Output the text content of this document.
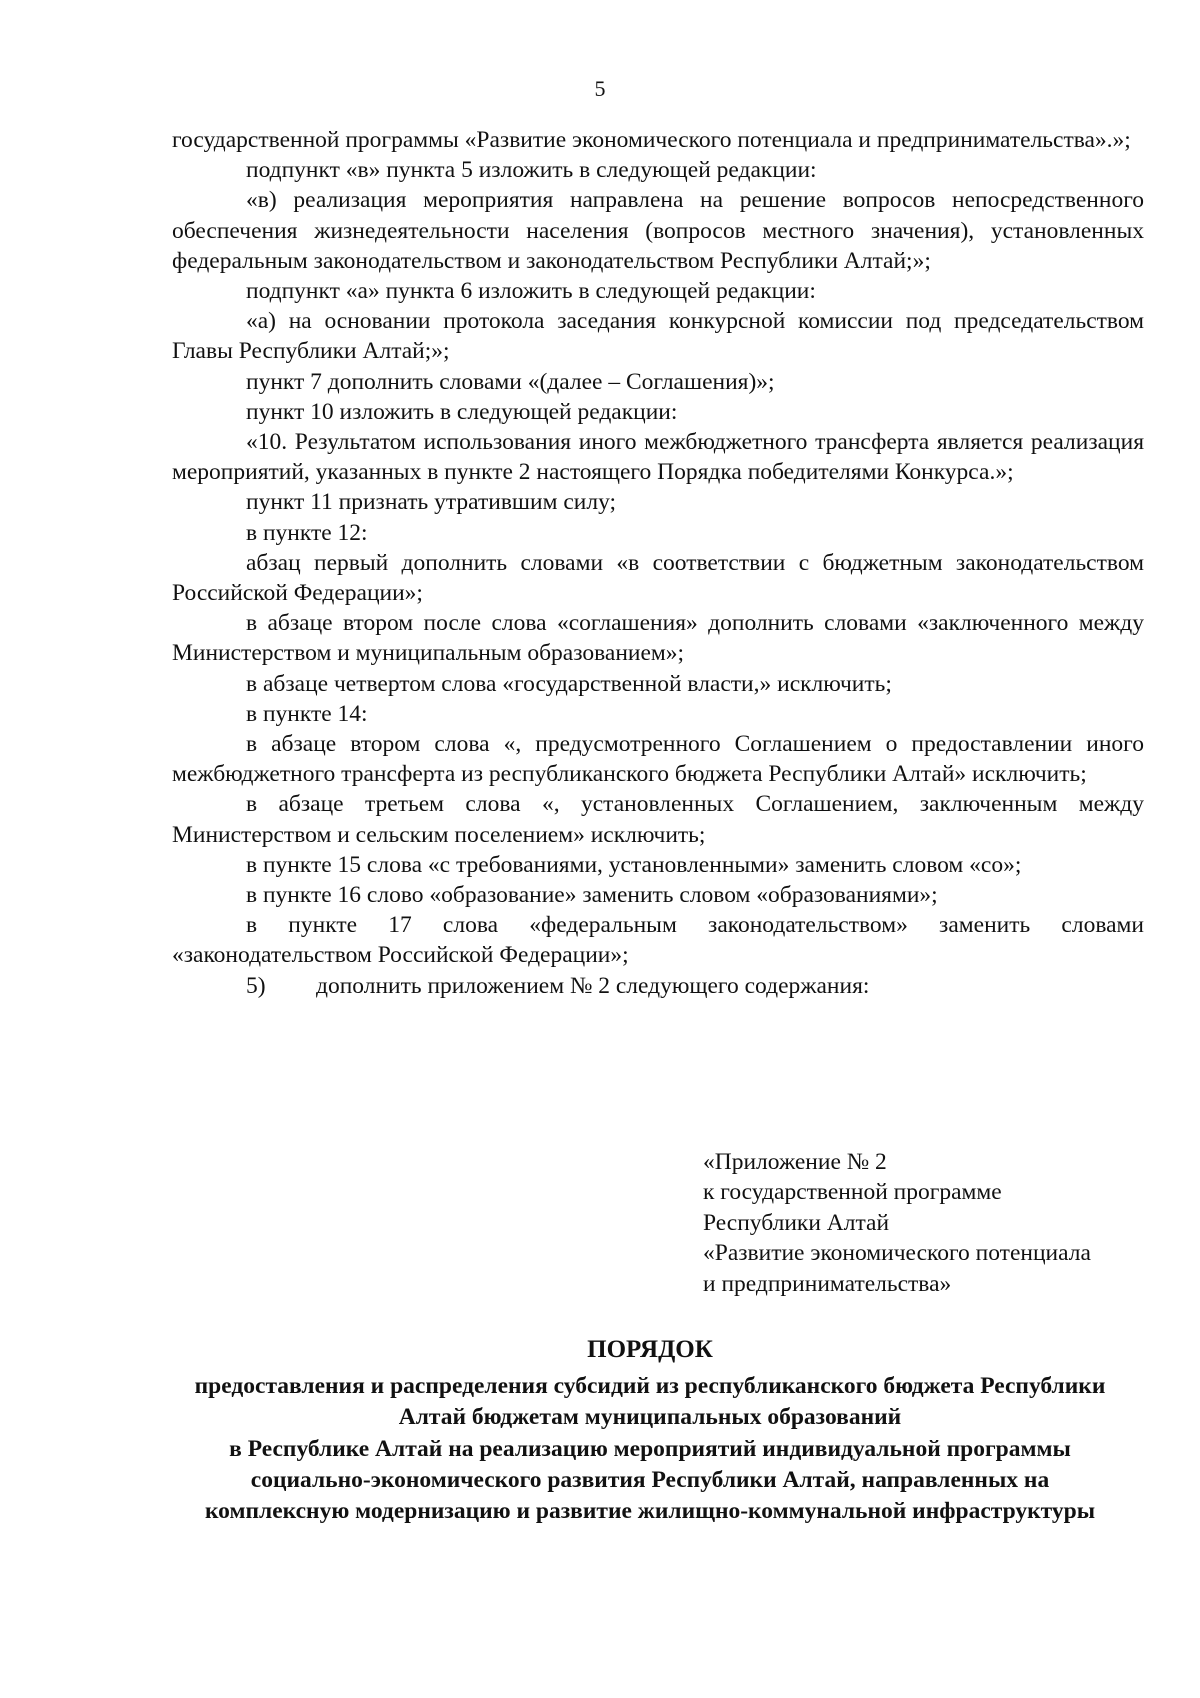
5

государственной программы «Развитие экономического потенциала и предпринимательства».»;

подпункт «в» пункта 5 изложить в следующей редакции:

«в) реализация мероприятия направлена на решение вопросов непосредственного обеспечения жизнедеятельности населения (вопросов местного значения), установленных федеральным законодательством и законодательством Республики Алтай;»;

подпункт «а» пункта 6 изложить в следующей редакции:

«а) на основании протокола заседания конкурсной комиссии под председательством Главы Республики Алтай;»;

пункт 7 дополнить словами «(далее – Соглашения)»;

пункт 10 изложить в следующей редакции:

«10. Результатом использования иного межбюджетного трансферта является реализация мероприятий, указанных в пункте 2 настоящего Порядка победителями Конкурса.»;

пункт 11 признать утратившим силу;

в пункте 12:

абзац первый дополнить словами «в соответствии с бюджетным законодательством Российской Федерации»;

в абзаце втором после слова «соглашения» дополнить словами «заключенного между Министерством и муниципальным образованием»;

в абзаце четвертом слова «государственной власти,» исключить;

в пункте 14:

в абзаце втором слова «, предусмотренного Соглашением о предоставлении иного межбюджетного трансферта из республиканского бюджета Республики Алтай» исключить;

в абзаце третьем слова «, установленных Соглашением, заключенным между Министерством и сельским поселением» исключить;

в пункте 15 слова «с требованиями, установленными» заменить словом «со»;

в пункте 16 слово «образование» заменить словом «образованиями»;

в пункте 17 слова «федеральным законодательством» заменить словами «законодательством Российской Федерации»;

5) дополнить приложением № 2 следующего содержания:

«Приложение № 2
к государственной программе
Республики Алтай
«Развитие экономического потенциала
и предпринимательства»
ПОРЯДОК
предоставления и распределения субсидий из республиканского бюджета Республики
Алтай бюджетам муниципальных образований
в Республике Алтай на реализацию мероприятий индивидуальной программы
социально-экономического развития Республики Алтай, направленных на
комплексную модернизацию и развитие жилищно-коммунальной инфраструктуры
